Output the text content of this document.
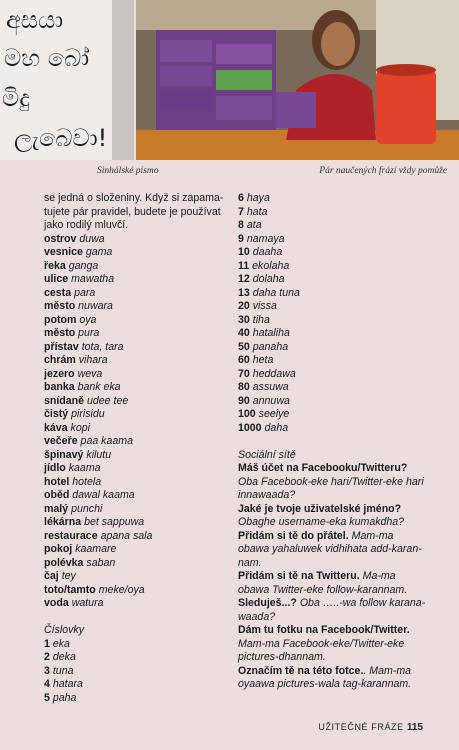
අසයා
මහ බෝ
මිදු
ලැබෙවා!
Sinhálské písmo	Pár naučených frází vždy pomůže
se jedná o složeniny. Když si zapama-
tujete pár pravidel, budete je používat
jako rodilý mluvčí.
ostrov duwa
vesnice gama
řeka ganga
ulice mawatha
cesta para
město nuwara
potom oya
město pura
přístav tota, tara
chrám vihara
jezero weva
banka bank eka
snídaně udee tee
čistý pirisidu
káva kopi
večeře paa kaama
špinavý kilutu
jídlo kaama
hotel hotela
oběd dawal kaama
malý punchi
lékárna bet sappuwa
restaurace apana sala
pokoj kaamare
polévka saban
čaj tey
toto/tamto meke/oya
voda watura
Číslovky
1 eka
2 deka
3 tuna
4 hatara
5 paha
6 haya
7 hata
8 ata
9 namaya
10 daaha
11 ekolaha
12 dolaha
13 daha tuna
20 vissa
30 tiha
40 hataliha
50 panaha
60 heta
70 heddawa
80 assuwa
90 annuwa
100 seeiye
1000 daha
Sociální sítě
Máš účet na Facebooku/Twitteru?
Oba Facebook-eke hari/Twitter-eke hari
innawaada?
Jaké je tvoje uživatelské jméno?
Obaghe username-eka kumakdha?
Přidám si tě do přátel. Mam-ma
obawa yahaluwek vidhihata add-karan-
nam.
Přidám si tě na Twitteru. Ma-ma
obawa Twitter-eke follow-karannam.
Sleduješ...? Oba …..-wa follow karana-
waada?
Dám tu fotku na Facebook/Twitter.
Mam-ma Facebook-eke/Twitter-eke
pictures-dhannam.
Označím tě na této fotce.. Mam-ma
oyaawa pictures-wala tag-karannam.
UŽITEČNÉ FRÁZE 115
